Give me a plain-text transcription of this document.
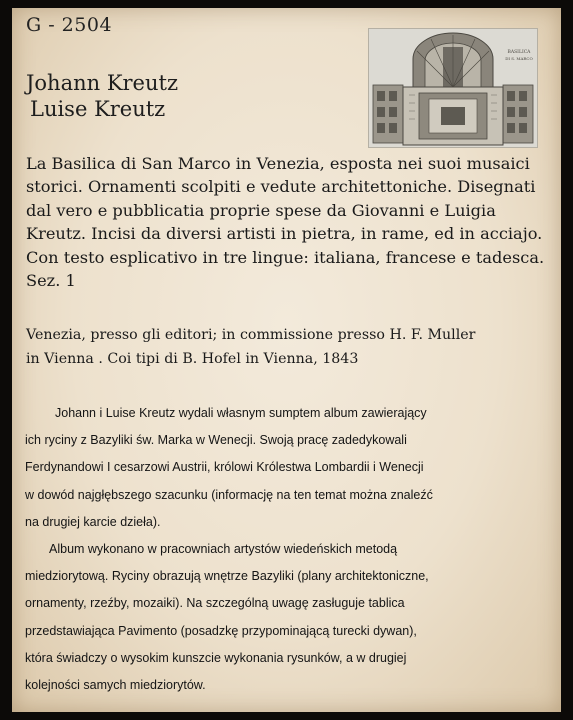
G - 2504
Johann Kreutz
Luise Kreutz
BASILICA
DI S. MARCO

La Basilica di San Marco in Venezia, esposta nei suoi musaici

storici. Ornamenti scolpiti e vedute architettoniche. Disegnati

dal vero e pubblicatia proprie spese da Giovanni e Luigia

Kreutz. Incisi da diversi artisti in pietra, in rame, ed in acciajo.

Con testo esplicativo in tre lingue: italiana, francese e tadesca.

Sez. 1

Venezia, presso gli editori; in commissione presso H. F. Muller

in Vienna . Coi tipi di B. Hofel in Vienna, 1843

Johann i Luise Kreutz wydali własnym sumptem album zawierający

ich ryciny z Bazyliki św. Marka w Wenecji. Swoją pracę zadedykowali

Ferdynandowi I cesarzowi Austrii, królowi Królestwa Lombardii i Wenecji

w dowód najgłębszego szacunku (informację na ten temat można znaleźć

na drugiej karcie dzieła).

Album wykonano w pracowniach artystów wiedeńskich metodą

miedziorytową. Ryciny obrazują wnętrze Bazyliki (plany architektoniczne,

ornamenty, rzeźby, mozaiki). Na szczególną uwagę zasługuje tablica

przedstawiająca Pavimento (posadzkę przypominającą turecki dywan),

która świadczy o wysokim kunszcie wykonania rysunków, a w drugiej

kolejności samych miedziorytów.
